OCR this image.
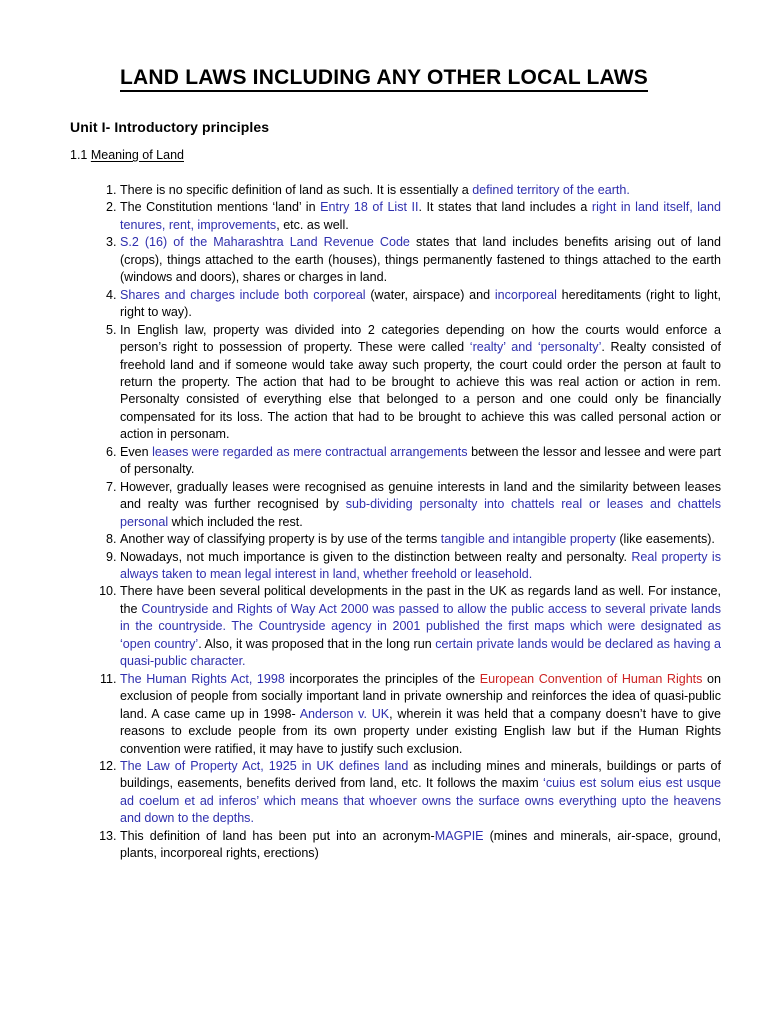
LAND LAWS INCLUDING ANY OTHER LOCAL LAWS
Unit I- Introductory principles
1.1 Meaning of Land
1. There is no specific definition of land as such. It is essentially a defined territory of the earth.
2. The Constitution mentions ‘land’ in Entry 18 of List II. It states that land includes a right in land itself, land tenures, rent, improvements, etc. as well.
3. S.2 (16) of the Maharashtra Land Revenue Code states that land includes benefits arising out of land (crops), things attached to the earth (houses), things permanently fastened to things attached to the earth (windows and doors), shares or charges in land.
4. Shares and charges include both corporeal (water, airspace) and incorporeal hereditaments (right to light, right to way).
5. In English law, property was divided into 2 categories depending on how the courts would enforce a person’s right to possession of property. These were called ‘realty’ and ‘personalty’. Realty consisted of freehold land and if someone would take away such property, the court could order the person at fault to return the property. The action that had to be brought to achieve this was real action or action in rem. Personalty consisted of everything else that belonged to a person and one could only be financially compensated for its loss. The action that had to be brought to achieve this was called personal action or action in personam.
6. Even leases were regarded as mere contractual arrangements between the lessor and lessee and were part of personalty.
7. However, gradually leases were recognised as genuine interests in land and the similarity between leases and realty was further recognised by sub-dividing personalty into chattels real or leases and chattels personal which included the rest.
8. Another way of classifying property is by use of the terms tangible and intangible property (like easements).
9. Nowadays, not much importance is given to the distinction between realty and personalty. Real property is always taken to mean legal interest in land, whether freehold or leasehold.
10. There have been several political developments in the past in the UK as regards land as well. For instance, the Countryside and Rights of Way Act 2000 was passed to allow the public access to several private lands in the countryside. The Countryside agency in 2001 published the first maps which were designated as ‘open country’. Also, it was proposed that in the long run certain private lands would be declared as having a quasi-public character.
11. The Human Rights Act, 1998 incorporates the principles of the European Convention of Human Rights on exclusion of people from socially important land in private ownership and reinforces the idea of quasi-public land. A case came up in 1998- Anderson v. UK, wherein it was held that a company doesn’t have to give reasons to exclude people from its own property under existing English law but if the Human Rights convention were ratified, it may have to justify such exclusion.
12. The Law of Property Act, 1925 in UK defines land as including mines and minerals, buildings or parts of buildings, easements, benefits derived from land, etc. It follows the maxim ‘cuius est solum eius est usque ad coelum et ad inferos’ which means that whoever owns the surface owns everything upto the heavens and down to the depths.
13. This definition of land has been put into an acronym-MAGPIE (mines and minerals, air-space, ground, plants, incorporeal rights, erections)
